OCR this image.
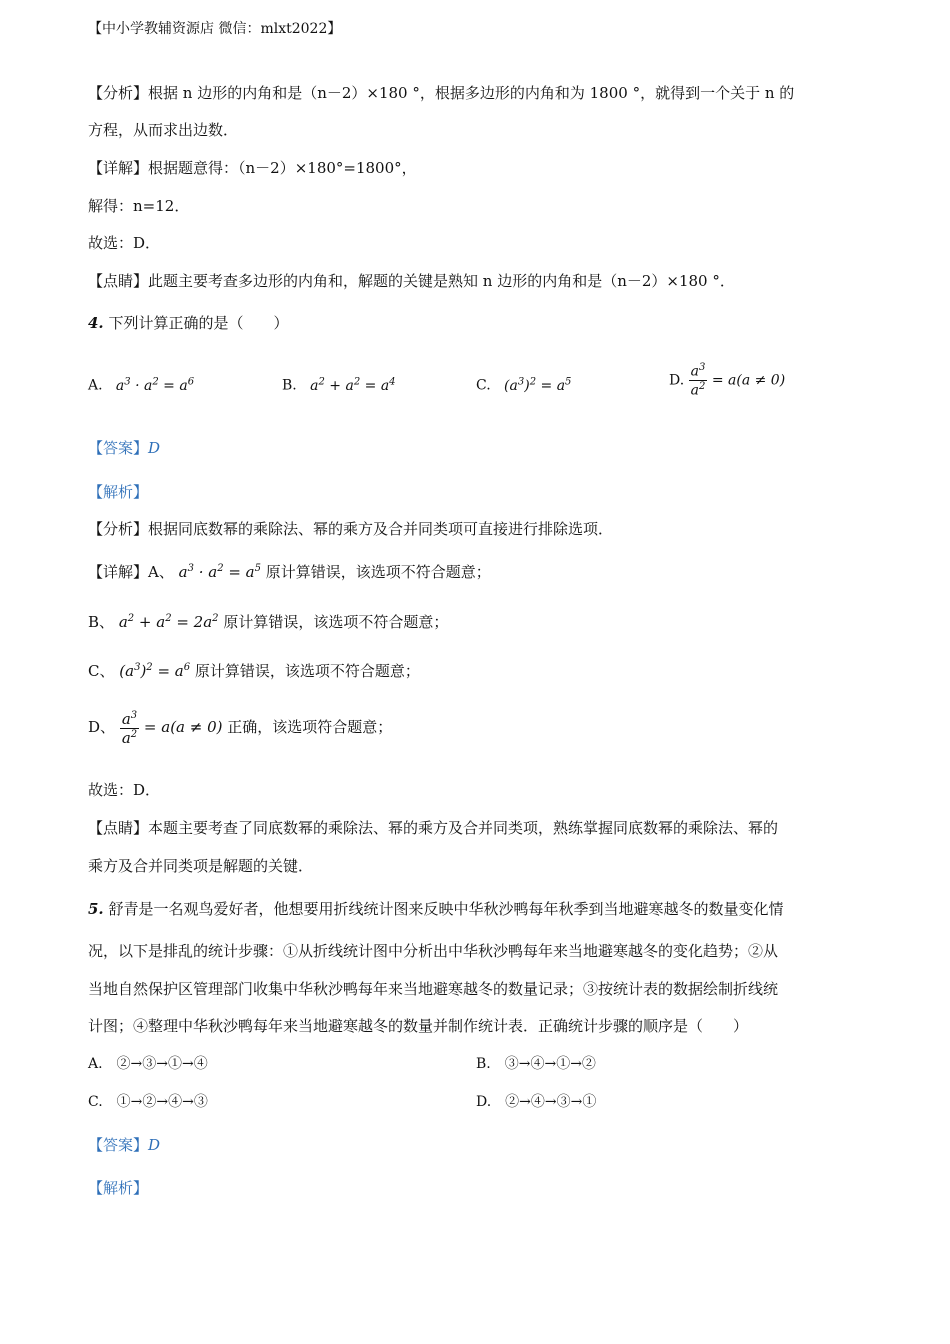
【中小学教辅资源店 微信：mlxt2022】
【分析】根据 n 边形的内角和是（n－2）×180 °，根据多边形的内角和为 1800 °，就得到一个关于 n 的
方程，从而求出边数．
【详解】根据题意得：（n－2）×180°=1800°，
解得：n=12．
故选：D．
【点睛】此题主要考查多边形的内角和，解题的关键是熟知 n 边形的内角和是（n－2）×180 °．
4. 下列计算正确的是（　　）
A.   $a^3 \cdot a^2 = a^6$	B.   $a^2 + a^2 = a^4$	C.   $(a^3)^2 = a^5$	D. $\frac{a^3}{a^2} = a(a \ne 0)$
【答案】D
【解析】
【分析】根据同底数幂的乘除法、幂的乘方及合并同类项可直接进行排除选项．
【详解】A、 $a^3 \cdot a^2 = a^5$ 原计算错误，该选项不符合题意；
B、 $a^2 + a^2 = 2a^2$ 原计算错误，该选项不符合题意；
C、 $(a^3)^2 = a^6$ 原计算错误，该选项不符合题意；
D、 $\frac{a^3}{a^2} = a(a \ne 0)$ 正确，该选项符合题意；
故选：D．
【点睛】本题主要考查了同底数幂的乘除法、幂的乘方及合并同类项，熟练掌握同底数幂的乘除法、幂的
乘方及合并同类项是解题的关键．
5. 舒青是一名观鸟爱好者，他想要用折线统计图来反映中华秋沙鸭每年秋季到当地避寒越冬的数量变化情
况，以下是排乱的统计步骤：①从折线统计图中分析出中华秋沙鸭每年来当地避寒越冬的变化趋势；②从
当地自然保护区管理部门收集中华秋沙鸭每年来当地避寒越冬的数量记录；③按统计表的数据绘制折线统
计图；④整理中华秋沙鸭每年来当地避寒越冬的数量并制作统计表．正确统计步骤的顺序是（　　）
A.　②→③→①→④	B.　③→④→①→②
C.　①→②→④→③	D.　②→④→③→①
【答案】D
【解析】
